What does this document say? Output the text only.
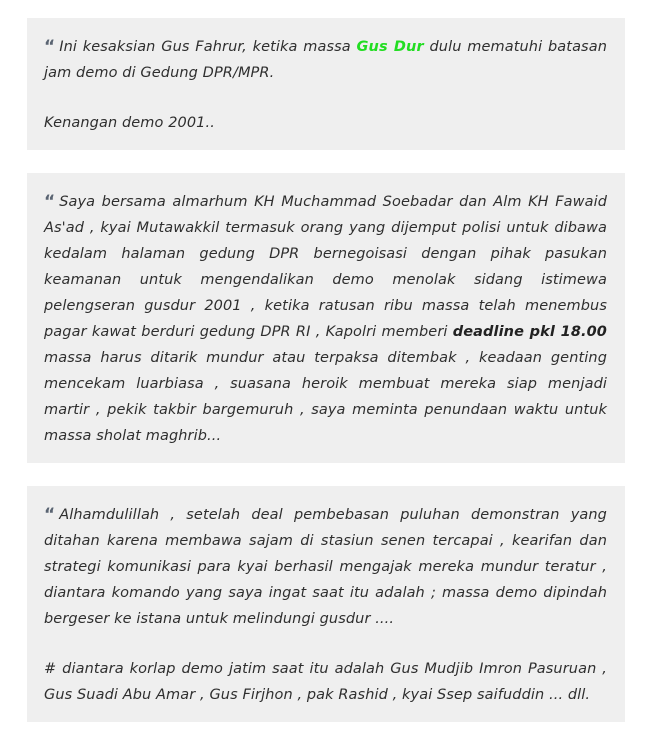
“ Ini kesaksian Gus Fahrur, ketika massa Gus Dur dulu mematuhi batasan jam demo di Gedung DPR/MPR.

Kenangan demo 2001..

“ Saya bersama almarhum KH Muchammad Soebadar dan Alm KH Fawaid As'ad , kyai Mutawakkil termasuk orang yang dijemput polisi untuk dibawa kedalam halaman gedung DPR bernegoisasi dengan pihak pasukan keamanan untuk mengendalikan demo menolak sidang istimewa pelengseran gusdur 2001 , ketika ratusan ribu massa telah menembus pagar kawat berduri gedung DPR RI , Kapolri memberi deadline pkl 18.00 massa harus ditarik mundur atau terpaksa ditembak , keadaan genting mencekam luarbiasa , suasana heroik membuat mereka siap menjadi martir , pekik takbir bargemuruh , saya meminta penundaan waktu untuk massa sholat maghrib...

“ Alhamdulillah , setelah deal pembebasan puluhan demonstran yang ditahan karena membawa sajam di stasiun senen tercapai , kearifan dan strategi komunikasi para kyai berhasil mengajak mereka mundur teratur , diantara komando yang saya ingat saat itu adalah ; massa demo dipindah bergeser ke istana untuk melindungi gusdur ....

# diantara korlap demo jatim saat itu adalah Gus Mudjib Imron Pasuruan , Gus Suadi Abu Amar , Gus Firjhon , pak Rashid , kyai Ssep saifuddin ... dll.
